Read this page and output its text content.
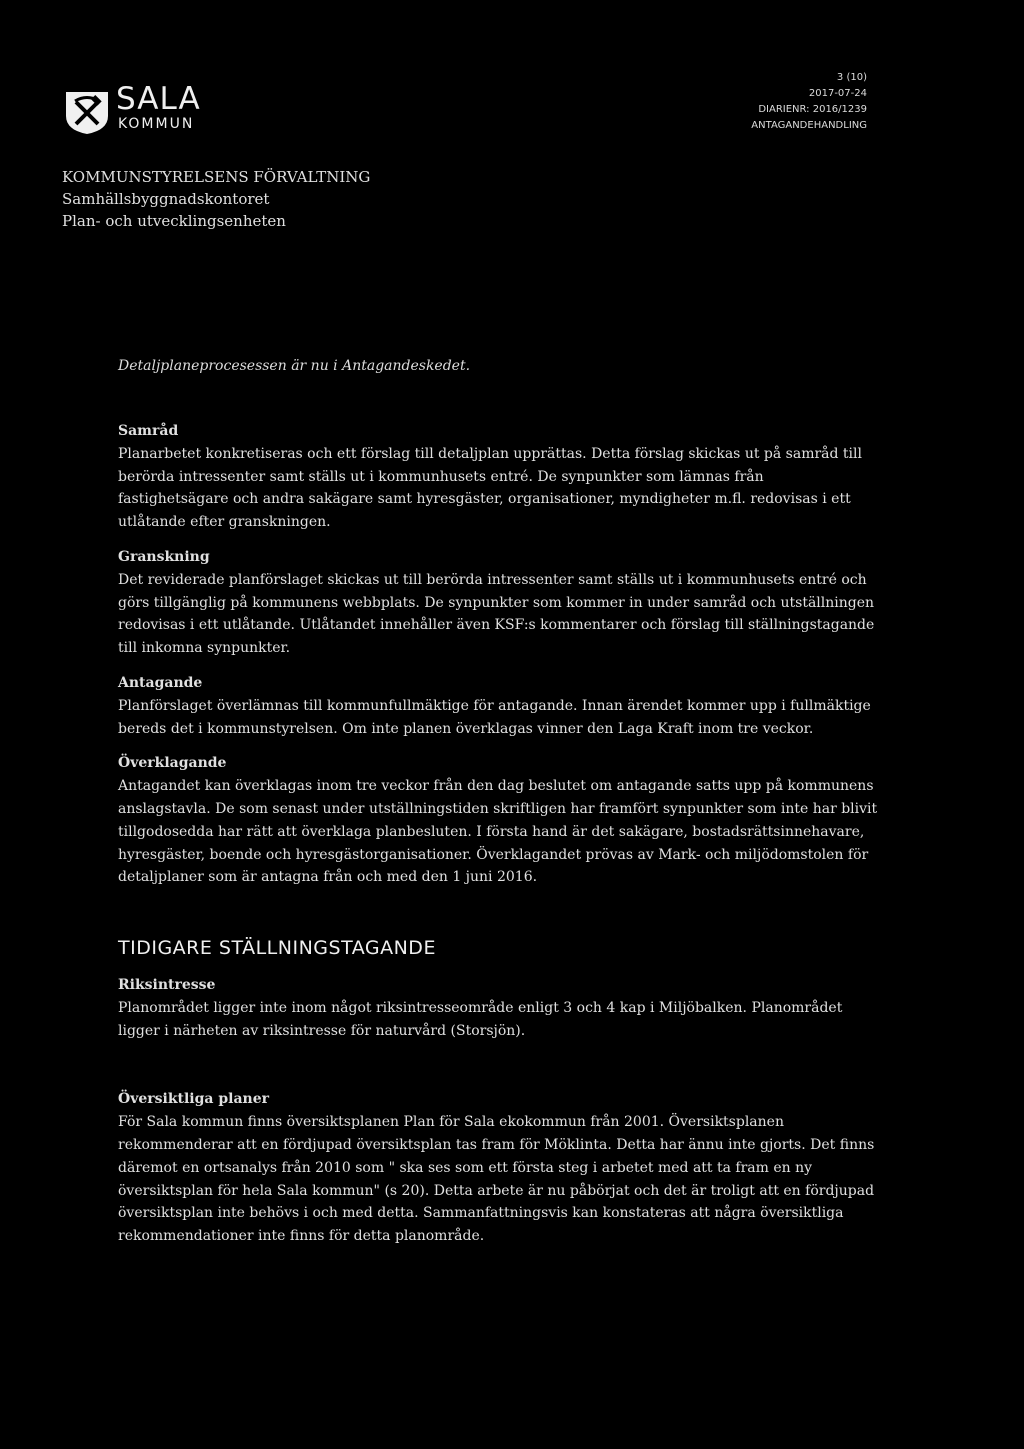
SALA
KOMMUN
3 (10)
2017-07-24
DIARIENR: 2016/1239
ANTAGANDEHANDLING
KOMMUNSTYRELSENS FÖRVALTNING
Samhällsbyggnadskontoret
Plan- och utvecklingsenheten
Detaljplaneprocesessen är nu i Antagandeskedet.

Samråd

Planarbetet konkretiseras och ett förslag till detaljplan upprättas. Detta förslag skickas ut på samråd till berörda intressenter samt ställs ut i kommunhusets entré. De synpunkter som lämnas från fastighetsägare och andra sakägare samt hyresgäster, organisationer, myndigheter m.fl. redovisas i ett utlåtande efter granskningen.

Granskning

Det reviderade planförslaget skickas ut till berörda intressenter samt ställs ut i kommunhusets entré och görs tillgänglig på kommunens webbplats. De synpunkter som kommer in under samråd och utställningen redovisas i ett utlåtande. Utlåtandet innehåller även KSF:s kommentarer och förslag till ställningstagande till inkomna synpunkter.

Antagande

Planförslaget överlämnas till kommunfullmäktige för antagande. Innan ärendet kommer upp i fullmäktige bereds det i kommunstyrelsen. Om inte planen överklagas vinner den Laga Kraft inom tre veckor.

Överklagande

Antagandet kan överklagas inom tre veckor från den dag beslutet om antagande satts upp på kommunens anslagstavla. De som senast under utställningstiden skriftligen har framfört synpunkter som inte har blivit tillgodosedda har rätt att överklaga planbesluten. I första hand är det sakägare, bostadsrättsinnehavare, hyresgäster, boende och hyresgästorganisationer. Överklagandet prövas av Mark- och miljödomstolen för detaljplaner som är antagna från och med den 1 juni 2016.

TIDIGARE STÄLLNINGSTAGANDE

Riksintresse

Planområdet ligger inte inom något riksintresseområde enligt 3 och 4 kap i Miljöbalken. Planområdet ligger i närheten av riksintresse för naturvård (Storsjön).

Översiktliga planer

För Sala kommun finns översiktsplanen Plan för Sala ekokommun från 2001. Översiktsplanen rekommenderar att en fördjupad översiktsplan tas fram för Möklinta. Detta har ännu inte gjorts. Det finns däremot en ortsanalys från 2010 som " ska ses som ett första steg i arbetet med att ta fram en ny översiktsplan för hela Sala kommun" (s 20). Detta arbete är nu påbörjat och det är troligt att en fördjupad översiktsplan inte behövs i och med detta. Sammanfattningsvis kan konstateras att några översiktliga rekommendationer inte finns för detta planområde.
